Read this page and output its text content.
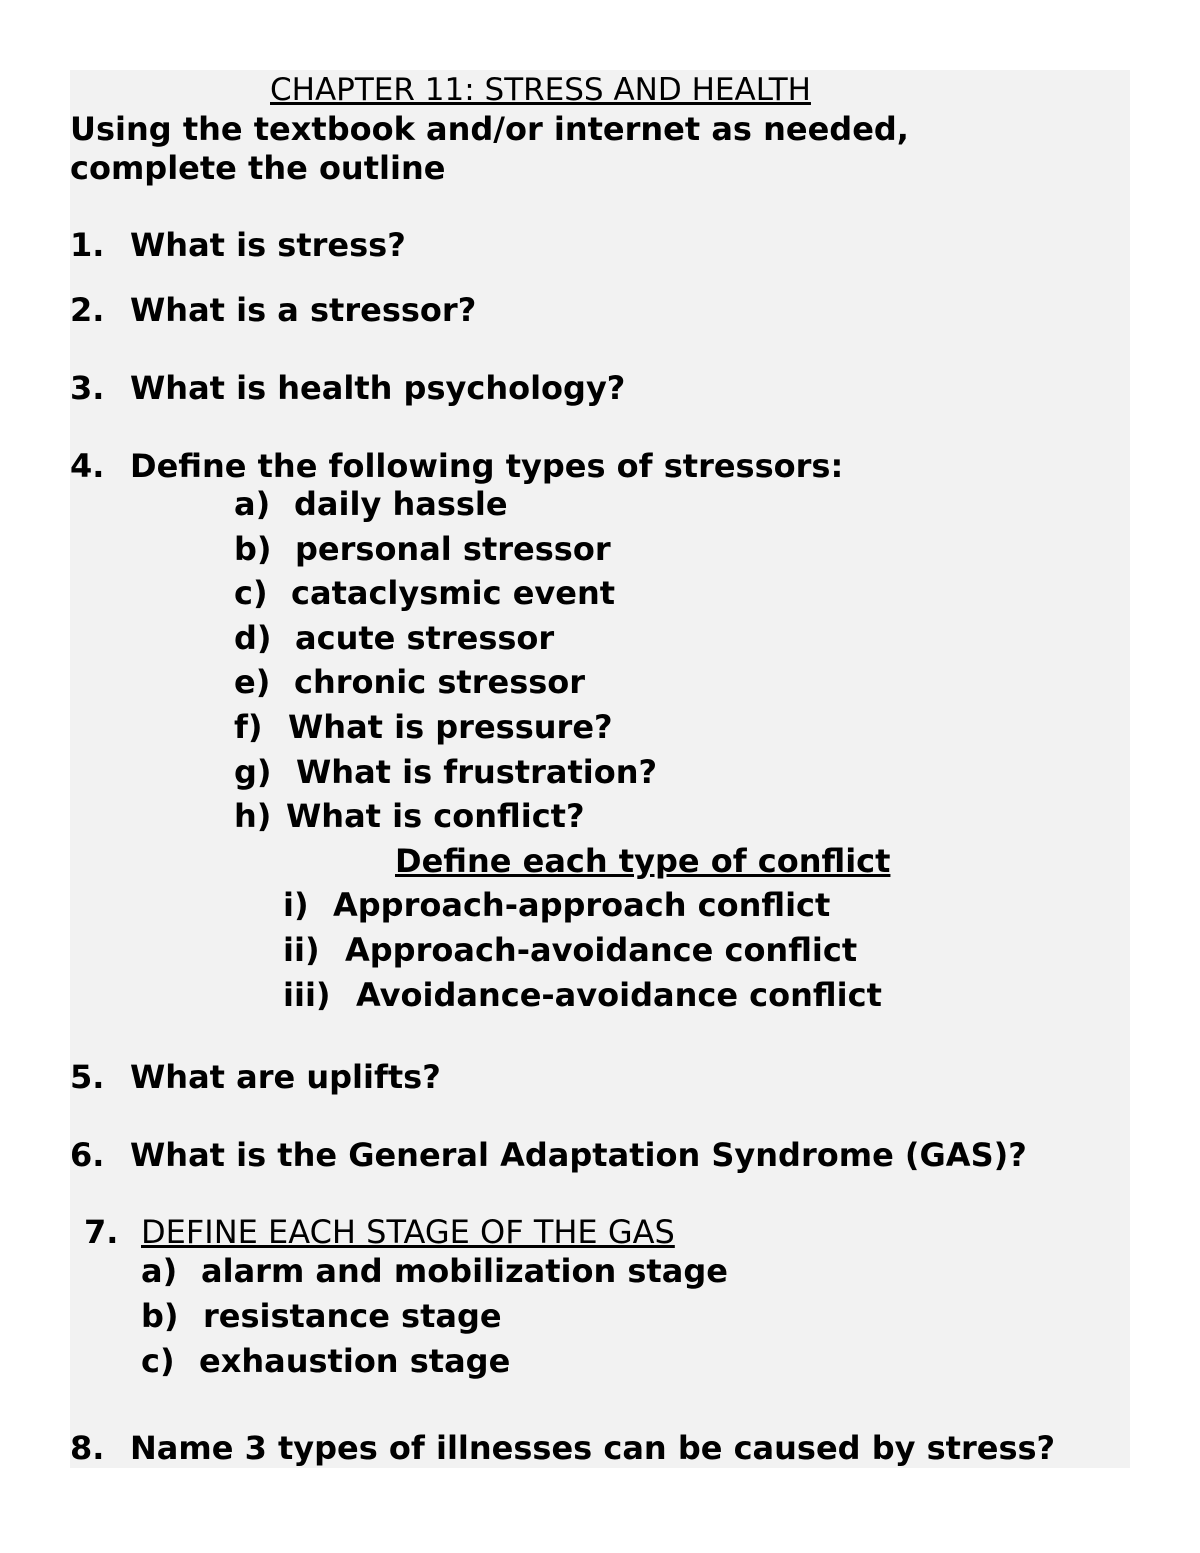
CHAPTER 11: STRESS AND HEALTH
Using the textbook and/or internet as needed,
complete the outline
1. What is stress?
2. What is a stressor?
3. What is health psychology?
4. Define the following types of stressors:
a) daily hassle
b) personal stressor
c) cataclysmic event
d) acute stressor
e) chronic stressor
f) What is pressure?
g) What is frustration?
h) What is conflict?
Define each type of conflict
i) Approach-approach conflict
ii) Approach-avoidance conflict
iii) Avoidance-avoidance conflict
5. What are uplifts?
6. What is the General Adaptation Syndrome (GAS)?
7. DEFINE EACH STAGE OF THE GAS
a) alarm and mobilization stage
b) resistance stage
c) exhaustion stage
8. Name 3 types of illnesses can be caused by stress?
